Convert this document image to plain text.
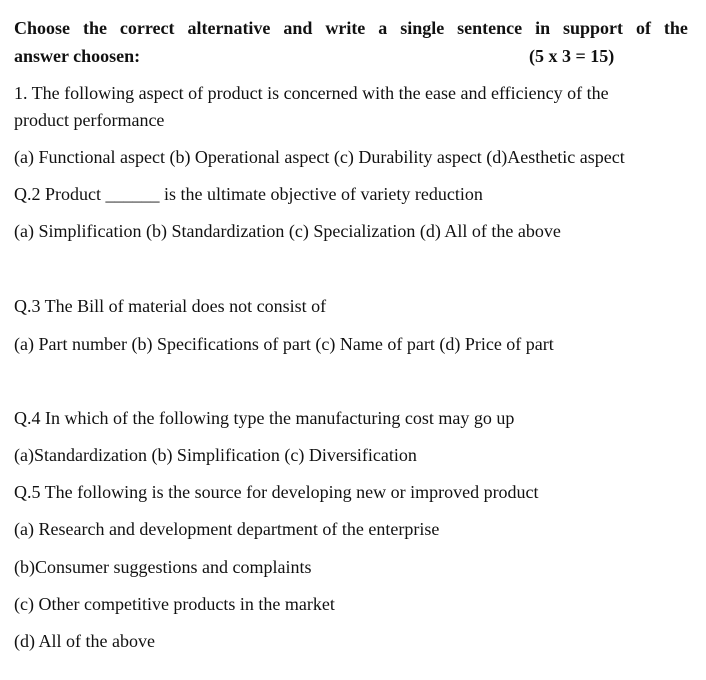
Choose the correct alternative and write a single sentence in support of the
answer choosen:	(5 x 3 = 15)
1. The following aspect of product is concerned with the ease and efficiency of the
product performance
(a) Functional aspect (b) Operational aspect (c) Durability aspect (d)Aesthetic aspect
Q.2 Product ______ is the ultimate objective of variety reduction
(a) Simplification (b) Standardization (c) Specialization (d) All of the above
Q.3 The Bill of material does not consist of
(a) Part number (b) Specifications of part (c) Name of part (d) Price of part
Q.4 In which of the following type the manufacturing cost may go up
(a)Standardization (b) Simplification (c) Diversification
Q.5 The following is the source for developing new or improved product
(a) Research and development department of the enterprise
(b)Consumer suggestions and complaints
(c) Other competitive products in the market
(d) All of the above
